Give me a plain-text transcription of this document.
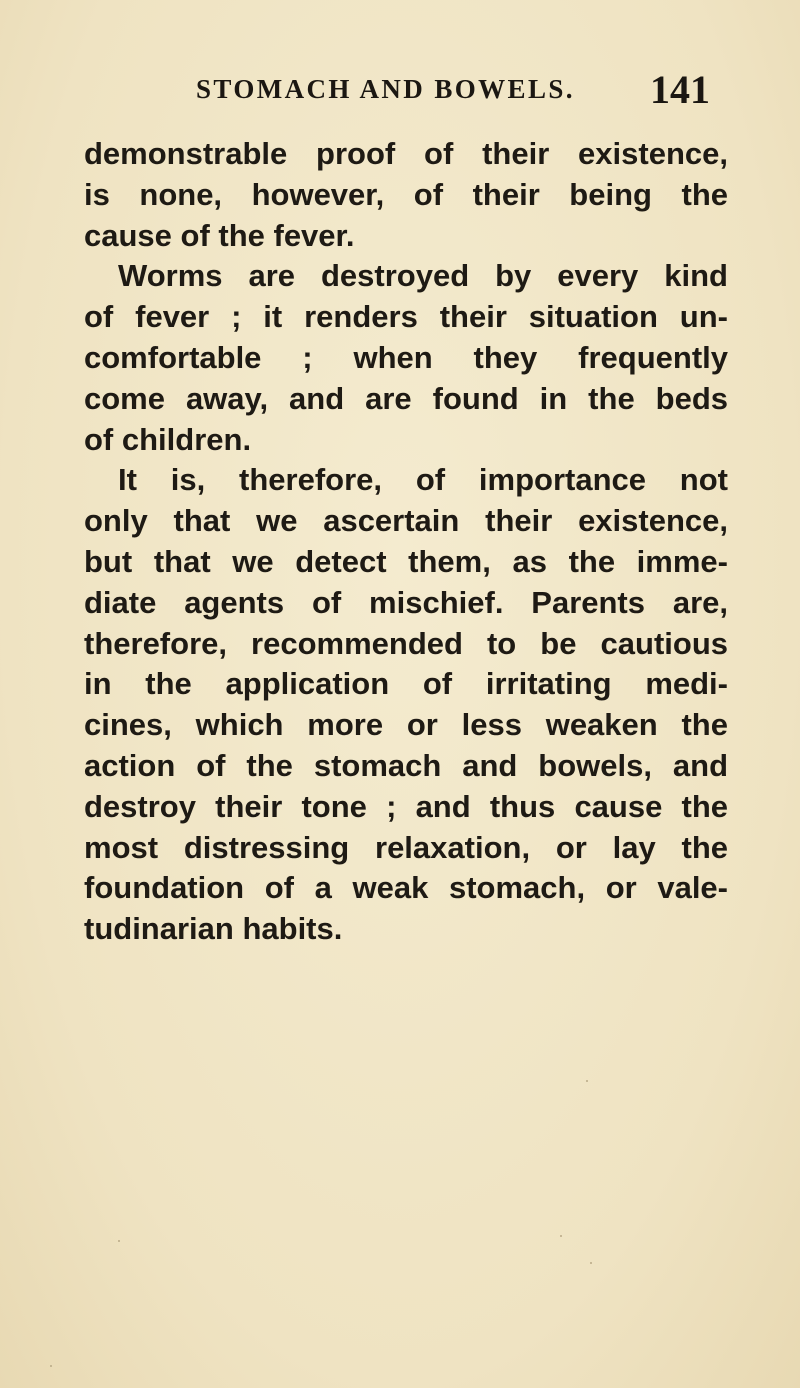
STOMACH AND BOWELS. 141
demonstrable proof of their existence,
is none, however, of their being the
cause of the fever.
Worms are destroyed by every kind
of fever ; it renders their situation un-
comfortable ; when they frequently
come away, and are found in the beds
of children.
It is, therefore, of importance not
only that we ascertain their existence,
but that we detect them, as the imme-
diate agents of mischief. Parents are,
therefore, recommended to be cautious
in the application of irritating medi-
cines, which more or less weaken the
action of the stomach and bowels, and
destroy their tone ; and thus cause the
most distressing relaxation, or lay the
foundation of a weak stomach, or vale-
tudinarian habits.
